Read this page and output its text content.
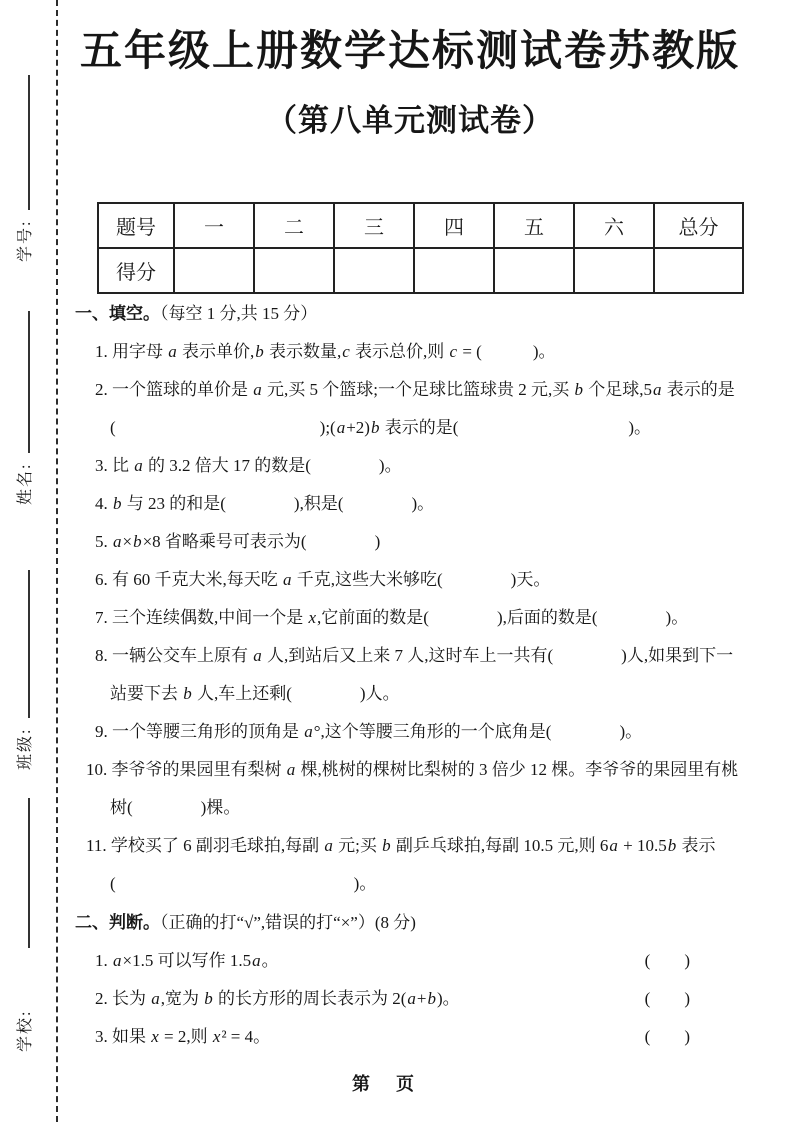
学号:
姓名:
班级:
学校:
五年级上册数学达标测试卷苏教版
（第八单元测试卷）
题号	一	二	三	四	五	六	总分
得分							
一、填空。（每空 1 分,共 15 分）
1. 用字母 a 表示单价,b 表示数量,c 表示总价,则 c = (　　　)。
2. 一个篮球的单价是 a 元,买 5 个篮球;一个足球比篮球贵 2 元,买 b 个足球,5a 表示的是
(　　　　　　　　　　　　);(a+2)b 表示的是(　　　　　　　　　　)。
3. 比 a 的 3.2 倍大 17 的数是(　　　　)。
4. b 与 23 的和是(　　　　),积是(　　　　)。
5. a×b×8 省略乘号可表示为(　　　　)
6. 有 60 千克大米,每天吃 a 千克,这些大米够吃(　　　　)天。
7. 三个连续偶数,中间一个是 x,它前面的数是(　　　　),后面的数是(　　　　)。
8. 一辆公交车上原有 a 人,到站后又上来 7 人,这时车上一共有(　　　　)人,如果到下一
站要下去 b 人,车上还剩(　　　　)人。
9. 一个等腰三角形的顶角是 a°,这个等腰三角形的一个底角是(　　　　)。
10. 李爷爷的果园里有梨树 a 棵,桃树的棵树比梨树的 3 倍少 12 棵。李爷爷的果园里有桃
树(　　　　)棵。
11. 学校买了 6 副羽毛球拍,每副 a 元;买 b 副乒乓球拍,每副 10.5 元,则 6a + 10.5b 表示
(　　　　　　　　　　　　　　)。
二、判断。（正确的打“√”,错误的打“×”）(8 分)
1. a×1.5 可以写作 1.5a。	(　　)
2. 长为 a,宽为 b 的长方形的周长表示为 2(a+b)。	(　　)
3. 如果 x = 2,则 x² = 4。	(　　)
第　页
